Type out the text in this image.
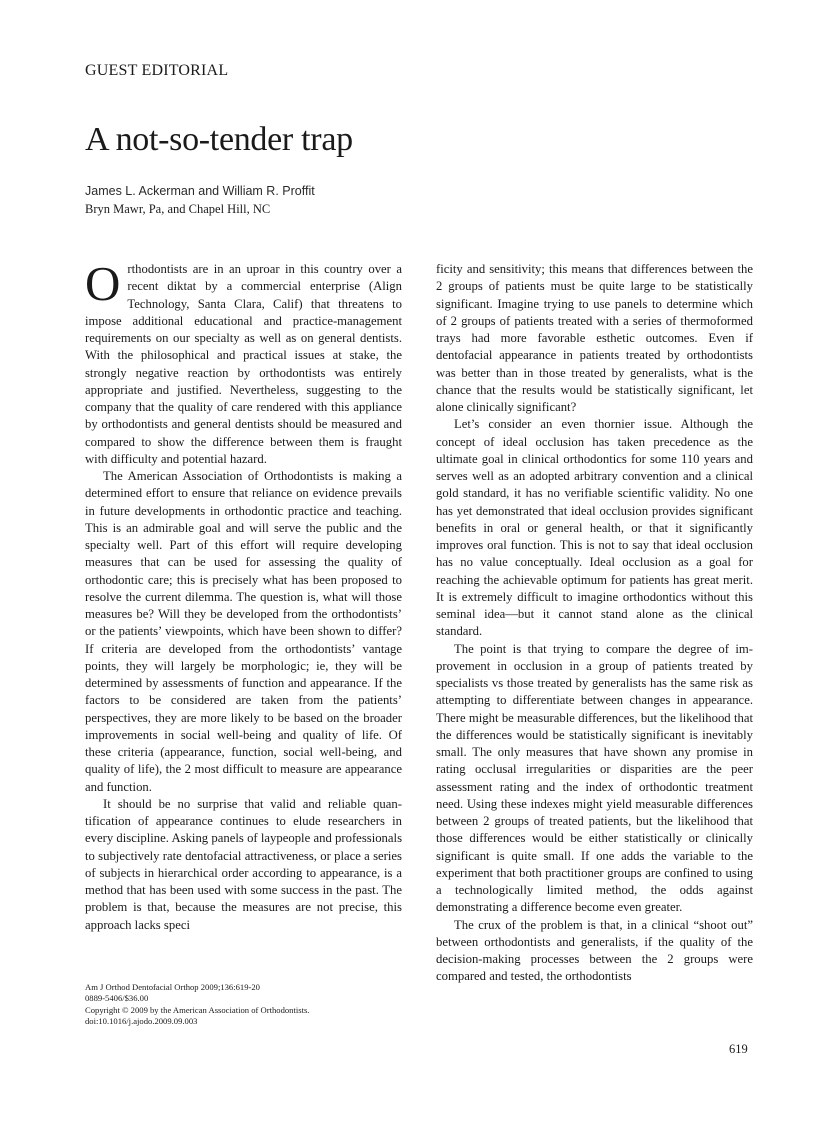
GUEST EDITORIAL
A not-so-tender trap
James L. Ackerman and William R. Proffit
Bryn Mawr, Pa, and Chapel Hill, NC

Orthodontists are in an uproar in this country over a recent diktat by a commercial enterprise (Align Technology, Santa Clara, Calif) that threatens to impose additional educational and practice-management requirements on our specialty as well as on general dentists. With the philosophical and practical issues at stake, the strongly negative reaction by orthodontists was entirely appropriate and justified. Nevertheless, suggesting to the company that the quality of care rendered with this appliance by orthodontists and general dentists should be measured and compared to show the difference between them is fraught with difficulty and potential hazard.

The American Association of Orthodontists is making a determined effort to ensure that reliance on evidence prevails in future developments in orthodontic practice and teaching. This is an admirable goal and will serve the public and the specialty well. Part of this effort will require developing measures that can be used for assessing the quality of orthodontic care; this is precisely what has been proposed to resolve the current dilemma. The question is, what will those measures be? Will they be developed from the orthodontists’ or the patients’ viewpoints, which have been shown to differ? If criteria are developed from the orthodontists’ vantage points, they will largely be morphologic; ie, they will be determined by assessments of function and appearance. If the factors to be considered are taken from the patients’ perspectives, they are more likely to be based on the broader improvements in social well-being and quality of life. Of these criteria (appearance, function, social well-being, and quality of life), the 2 most difficult to measure are appearance and function.

It should be no surprise that valid and reliable quantification of appearance continues to elude researchers in every discipline. Asking panels of laypeople and professionals to subjectively rate dentofacial attractiveness, or place a series of subjects in hierarchical order according to appearance, is a method that has been used with some success in the past. The problem is that, because the measures are not precise, this approach lacks speci

ficity and sensitivity; this means that differences between the 2 groups of patients must be quite large to be statistically significant. Imagine trying to use panels to determine which of 2 groups of patients treated with a series of thermoformed trays had more favorable esthetic outcomes. Even if dentofacial appearance in patients treated by orthodontists was better than in those treated by generalists, what is the chance that the results would be statistically significant, let alone clinically significant?

Let’s consider an even thornier issue. Although the concept of ideal occlusion has taken precedence as the ultimate goal in clinical orthodontics for some 110 years and serves well as an adopted arbitrary convention and a clinical gold standard, it has no verifiable scientific validity. No one has yet demonstrated that ideal occlusion provides significant benefits in oral or general health, or that it significantly improves oral function. This is not to say that ideal occlusion has no value conceptually. Ideal occlusion as a goal for reaching the achievable optimum for patients has great merit. It is extremely difficult to imagine orthodontics without this seminal idea—but it cannot stand alone as the clinical standard.

The point is that trying to compare the degree of improvement in occlusion in a group of patients treated by specialists vs those treated by generalists has the same risk as attempting to differentiate between changes in appearance. There might be measurable differences, but the likelihood that the differences would be statistically significant is inevitably small. The only measures that have shown any promise in rating occlusal irregularities or disparities are the peer assessment rating and the index of orthodontic treatment need. Using these indexes might yield measurable differences between 2 groups of treated patients, but the likelihood that those differences would be either statistically or clinically significant is quite small. If one adds the variable to the experiment that both practitioner groups are confined to using a technologically limited method, the odds against demonstrating a difference become even greater.

The crux of the problem is that, in a clinical “shoot out” between orthodontists and generalists, if the quality of the decision-making processes between the 2 groups were compared and tested, the orthodontists

Am J Orthod Dentofacial Orthop 2009;136:619-20
0889-5406/$36.00
Copyright © 2009 by the American Association of Orthodontists.
doi:10.1016/j.ajodo.2009.09.003
619
